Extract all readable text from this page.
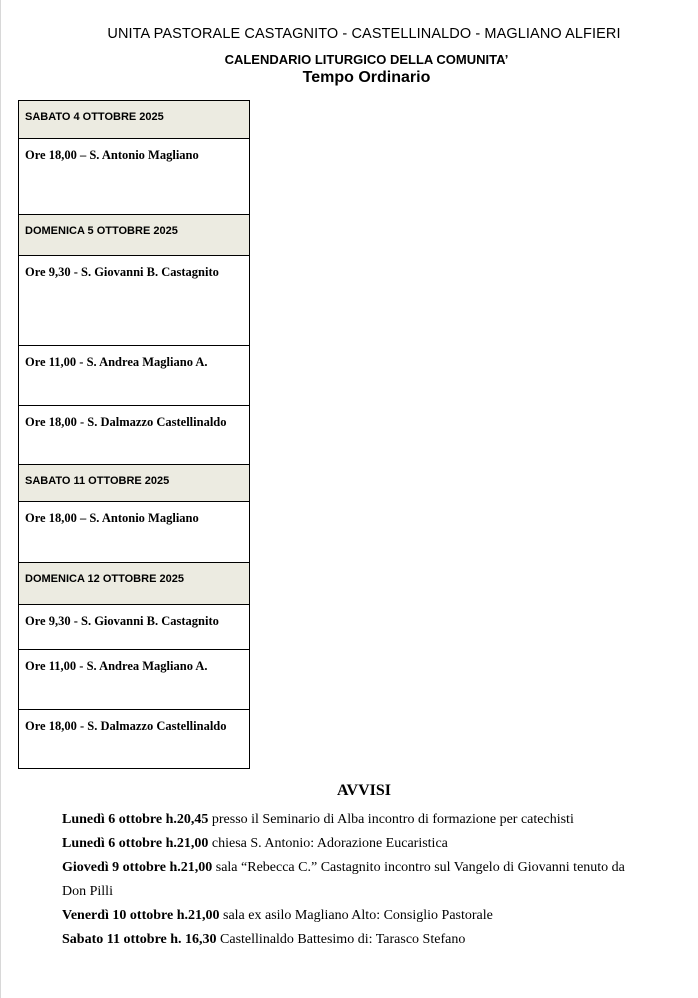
UNITA PASTORALE CASTAGNITO - CASTELLINALDO - MAGLIANO ALFIERI
CALENDARIO LITURGICO DELLA COMUNITA’
Tempo Ordinario
SABATO 4 OTTOBRE 2025
Ore 18,00 – S. Antonio Magliano
DOMENICA 5 OTTOBRE 2025
Ore 9,30 - S. Giovanni B. Castagnito
Ore 11,00 - S. Andrea Magliano A.
Ore 18,00 - S. Dalmazzo Castellinaldo
SABATO 11 OTTOBRE 2025
Ore 18,00 – S. Antonio Magliano
DOMENICA 12 OTTOBRE 2025
Ore 9,30 - S. Giovanni B. Castagnito
Ore 11,00 - S. Andrea Magliano A.
Ore 18,00 - S. Dalmazzo Castellinaldo
AVVISI

Lunedì 6 ottobre h.20,45 presso il Seminario di Alba incontro di formazione per catechisti

Lunedì 6 ottobre h.21,00 chiesa S. Antonio: Adorazione Eucaristica

Giovedì 9 ottobre h.21,00 sala “Rebecca C.” Castagnito incontro sul Vangelo di Giovanni tenuto da Don Pilli

Venerdì 10 ottobre h.21,00 sala ex asilo Magliano Alto: Consiglio Pastorale

Sabato 11 ottobre h. 16,30 Castellinaldo Battesimo di: Tarasco Stefano
